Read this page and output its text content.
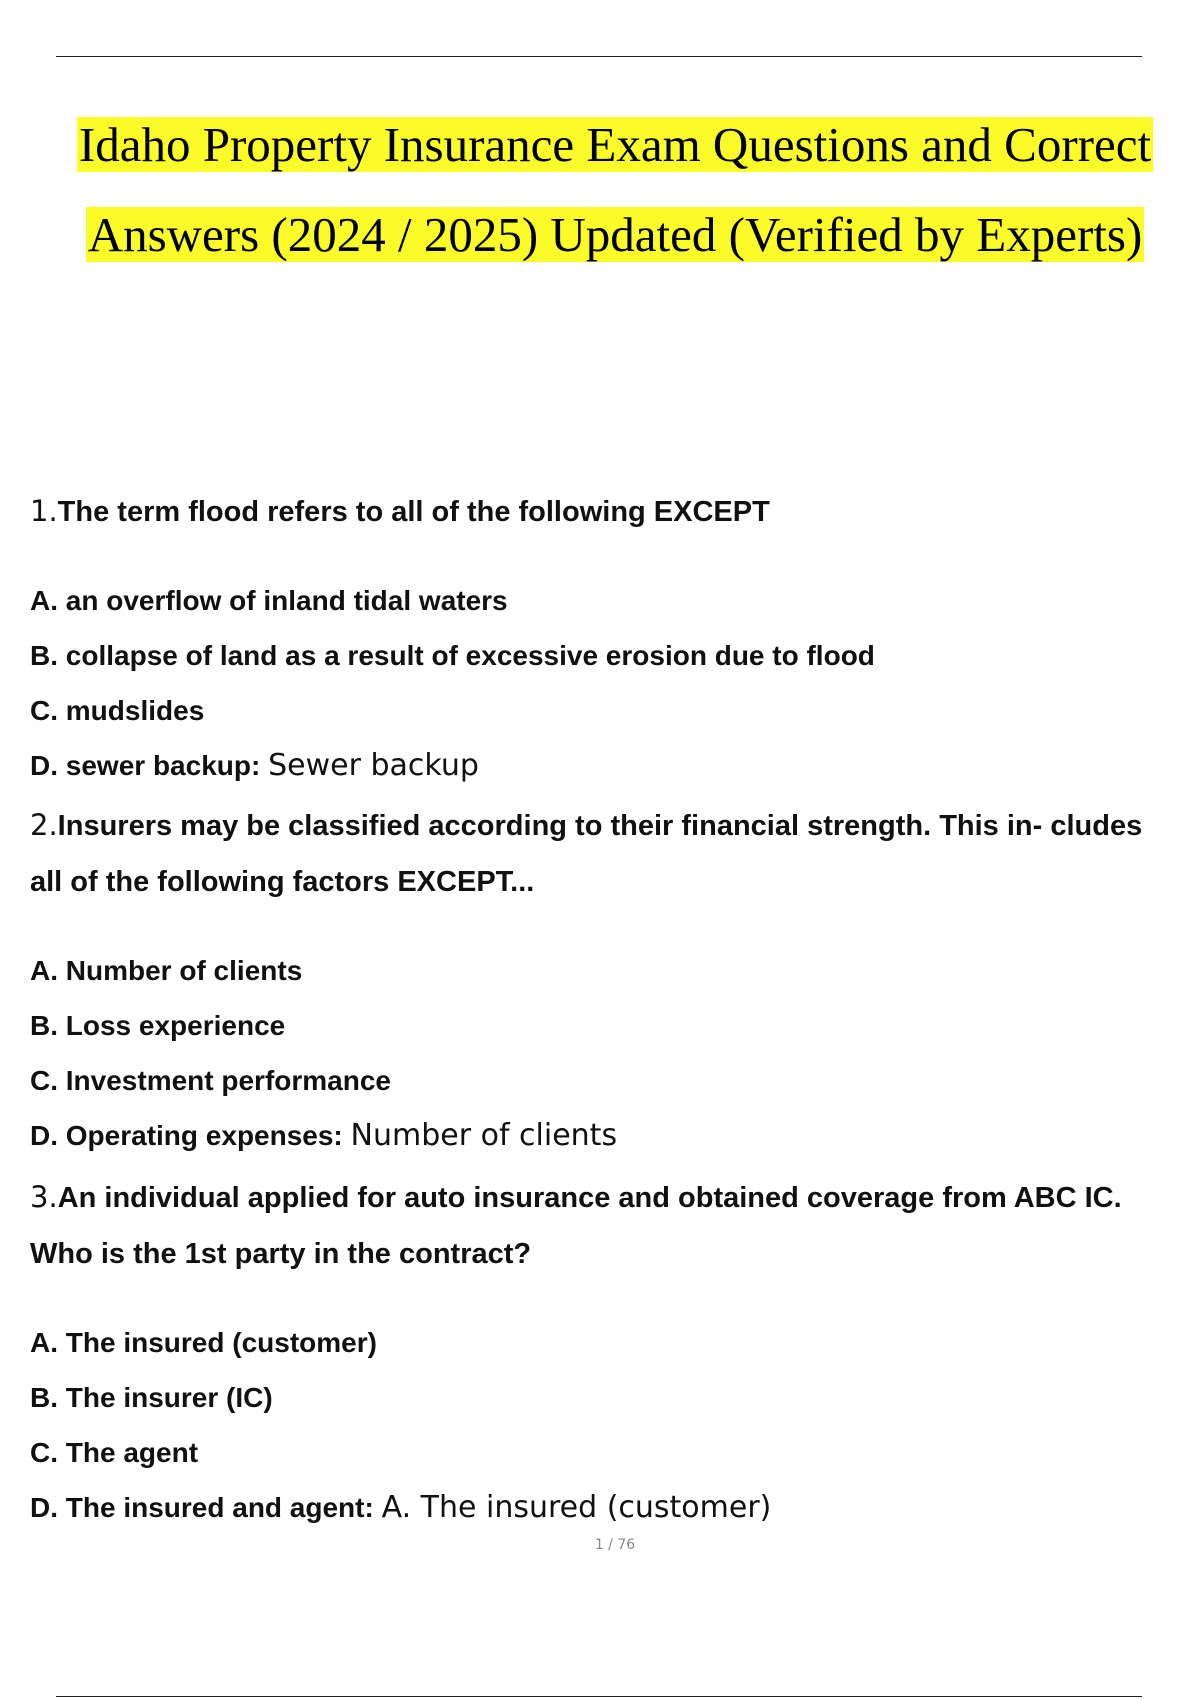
Idaho Property Insurance Exam Questions and Correct
Answers (2024 / 2025) Updated (Verified by Experts)
1.The term flood refers to all of the following EXCEPT
A. an overflow of inland tidal waters
B. collapse of land as a result of excessive erosion due to flood
C. mudslides
D. sewer backup: Sewer backup
2.Insurers may be classified according to their financial strength. This in- cludes all of the following factors EXCEPT...
A. Number of clients
B. Loss experience
C. Investment performance
D. Operating expenses: Number of clients
3.An individual applied for auto insurance and obtained coverage from ABC IC. Who is the 1st party in the contract?
A. The insured (customer)
B. The insurer (IC)
C. The agent
D. The insured and agent: A. The insured (customer)
1 / 76
